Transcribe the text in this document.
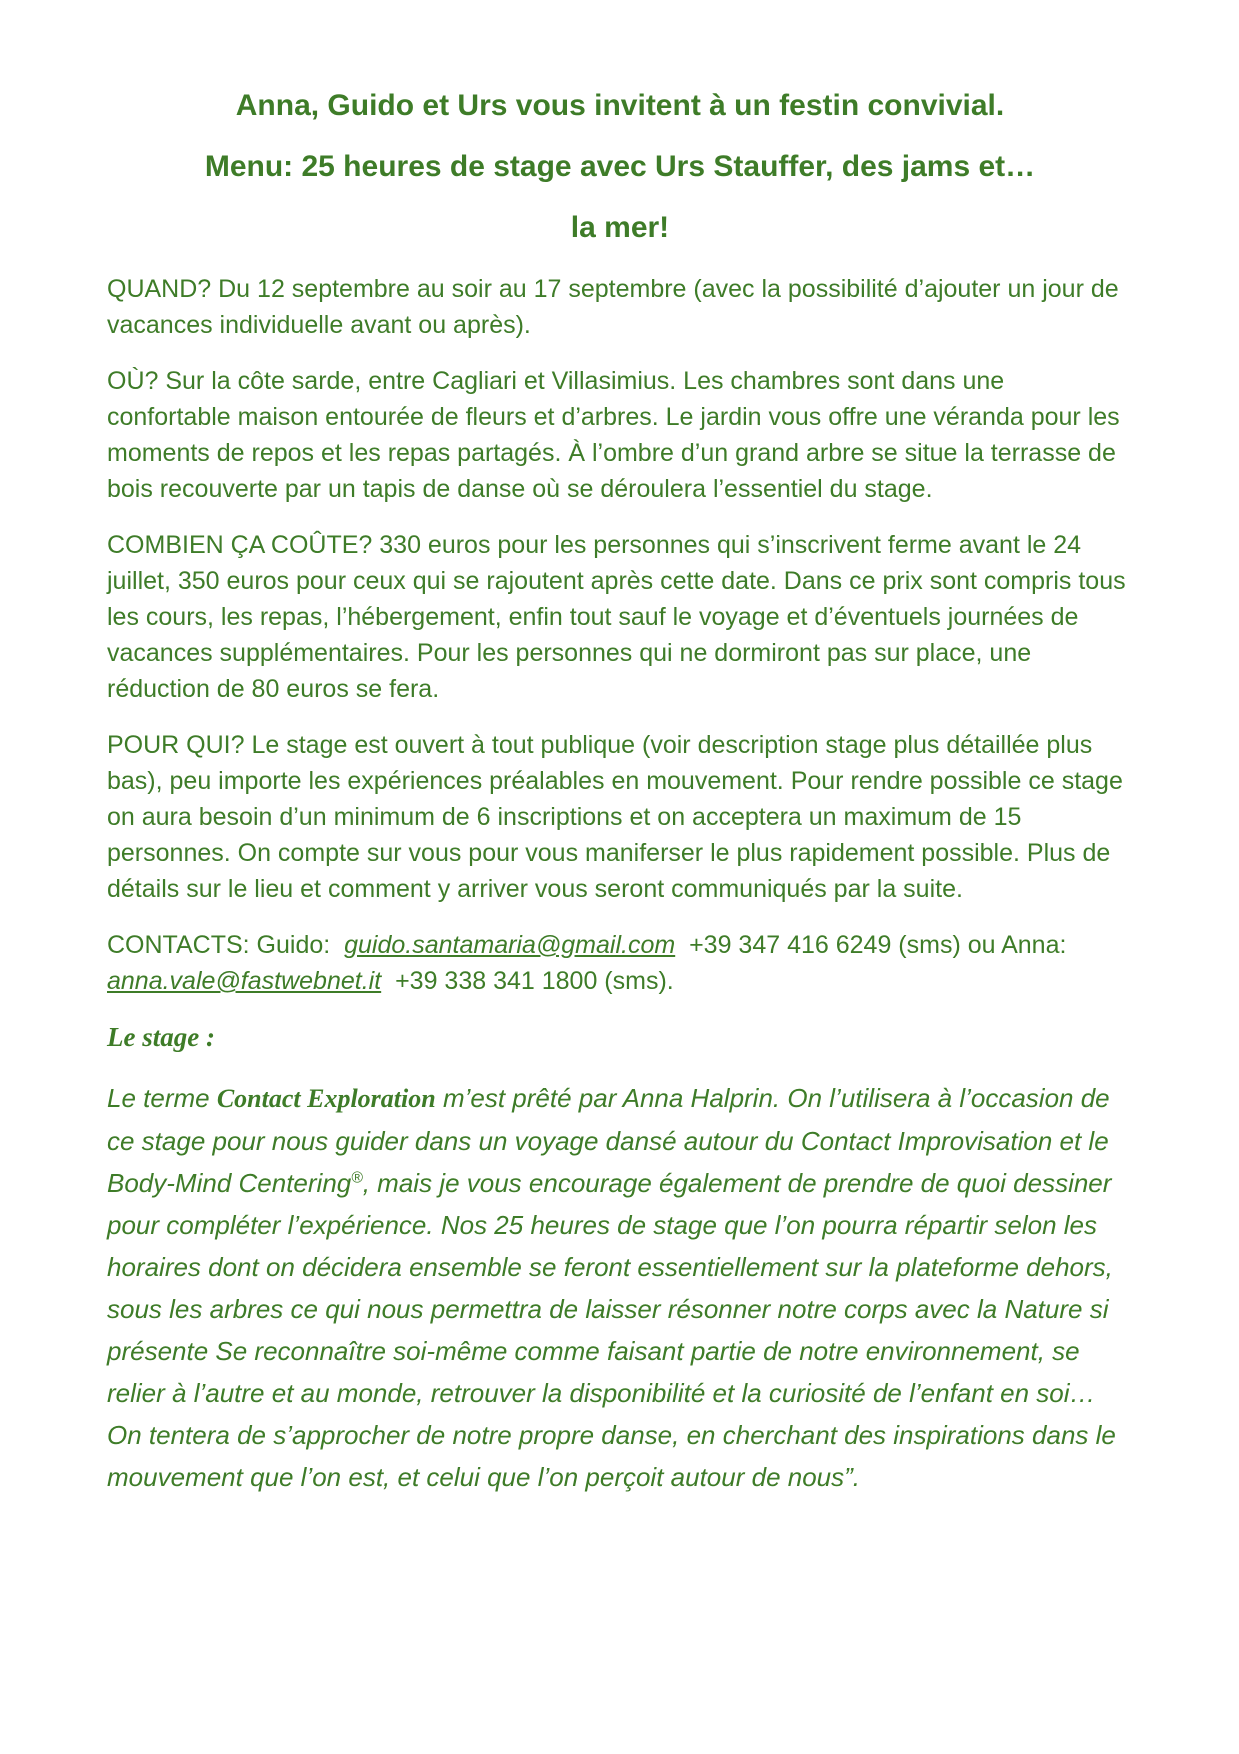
Anna, Guido et Urs vous invitent à un festin convivial.
Menu: 25 heures de stage avec Urs Stauffer, des jams et…
la mer!

QUAND? Du 12 septembre au soir au 17 septembre (avec la possibilité d’ajouter un jour de vacances individuelle avant ou après).

OÙ? Sur la côte sarde, entre Cagliari et Villasimius. Les chambres sont dans une confortable maison entourée de fleurs et d’arbres. Le jardin vous offre une véranda pour les moments de repos et les repas partagés. À l’ombre d’un grand arbre se situe la terrasse de bois recouverte par un tapis de danse où se déroulera l’essentiel du stage.

COMBIEN ÇA COÛTE? 330 euros pour les personnes qui s’inscrivent ferme avant le 24 juillet, 350 euros pour ceux qui se rajoutent après cette date. Dans ce prix sont compris tous les cours, les repas, l’hébergement, enfin tout sauf le voyage et d’éventuels journées de vacances supplémentaires. Pour les personnes qui ne dormiront pas sur place, une réduction de 80 euros se fera.

POUR QUI? Le stage est ouvert à tout publique (voir description stage plus détaillée plus bas), peu importe les expériences préalables en mouvement. Pour rendre possible ce stage on aura besoin d’un minimum de 6 inscriptions et on acceptera un maximum de 15 personnes. On compte sur vous pour vous maniferser le plus rapidement possible. Plus de détails sur le lieu et comment y arriver vous seront communiqués par la suite.

CONTACTS: Guido:  guido.santamaria@gmail.com  +39 347 416 6249 (sms) ou Anna: anna.vale@fastwebnet.it  +39 338 341 1800 (sms).

Le stage :

Le terme Contact Exploration m’est prêté par Anna Halprin. On l’utilisera à l’occasion de ce stage pour nous guider dans un voyage dansé autour du Contact Improvisation et le Body-Mind Centering®, mais je vous encourage également de prendre de quoi dessiner pour compléter l’expérience. Nos 25 heures de stage que l’on pourra répartir selon les horaires dont on décidera ensemble se feront essentiellement sur la plateforme dehors, sous les arbres ce qui nous permettra de laisser résonner notre corps avec la Nature si présente Se reconnaître soi-même comme faisant partie de notre environnement, se relier à l’autre et au monde, retrouver la disponibilité et la curiosité de l’enfant en soi… On tentera de s’approcher de notre propre danse, en cherchant des inspirations dans le mouvement que l’on est, et celui que l’on perçoit autour de nous”.
